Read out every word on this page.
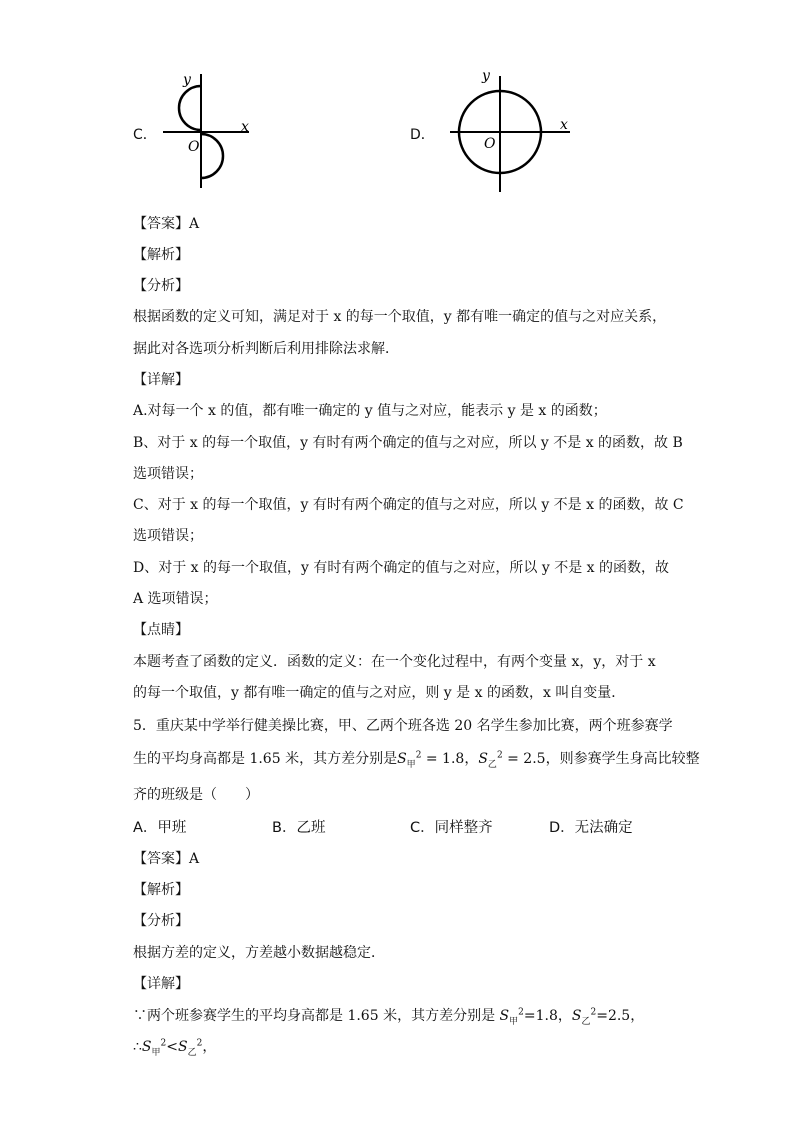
C．
y
x
O
D．
y
x
O
【答案】A
【解析】
【分析】
根据函数的定义可知，满足对于 x 的每一个取值，y 都有唯一确定的值与之对应关系，
据此对各选项分析判断后利用排除法求解．
【详解】
A.对每一个 x 的值，都有唯一确定的 y 值与之对应，能表示 y 是 x 的函数；
B、对于 x 的每一个取值，y 有时有两个确定的值与之对应，所以 y 不是 x 的函数，故 B
选项错误；
C、对于 x 的每一个取值，y 有时有两个确定的值与之对应，所以 y 不是 x 的函数，故 C
选项错误；
D、对于 x 的每一个取值，y 有时有两个确定的值与之对应，所以 y 不是 x 的函数，故
A 选项错误；
【点睛】
本题考查了函数的定义．函数的定义：在一个变化过程中，有两个变量 x，y，对于 x
的每一个取值，y 都有唯一确定的值与之对应，则 y 是 x 的函数，x 叫自变量．
5．重庆某中学举行健美操比赛，甲、乙两个班各选 20 名学生参加比赛，两个班参赛学
生的平均身高都是 1.65 米，其方差分别是$S_甲^2 = 1.8$，$S_乙^2 = 2.5$，则参赛学生身高比较整
齐的班级是（　　）
A．甲班	B．乙班	C．同样整齐	D．无法确定
【答案】A
【解析】
【分析】
根据方差的定义，方差越小数据越稳定．
【详解】
∵两个班参赛学生的平均身高都是 1.65 米，其方差分别是 $S_甲^2=1.8$，$S_乙^2=2.5$，
$\therefore S_甲^2<S_乙^2$，
